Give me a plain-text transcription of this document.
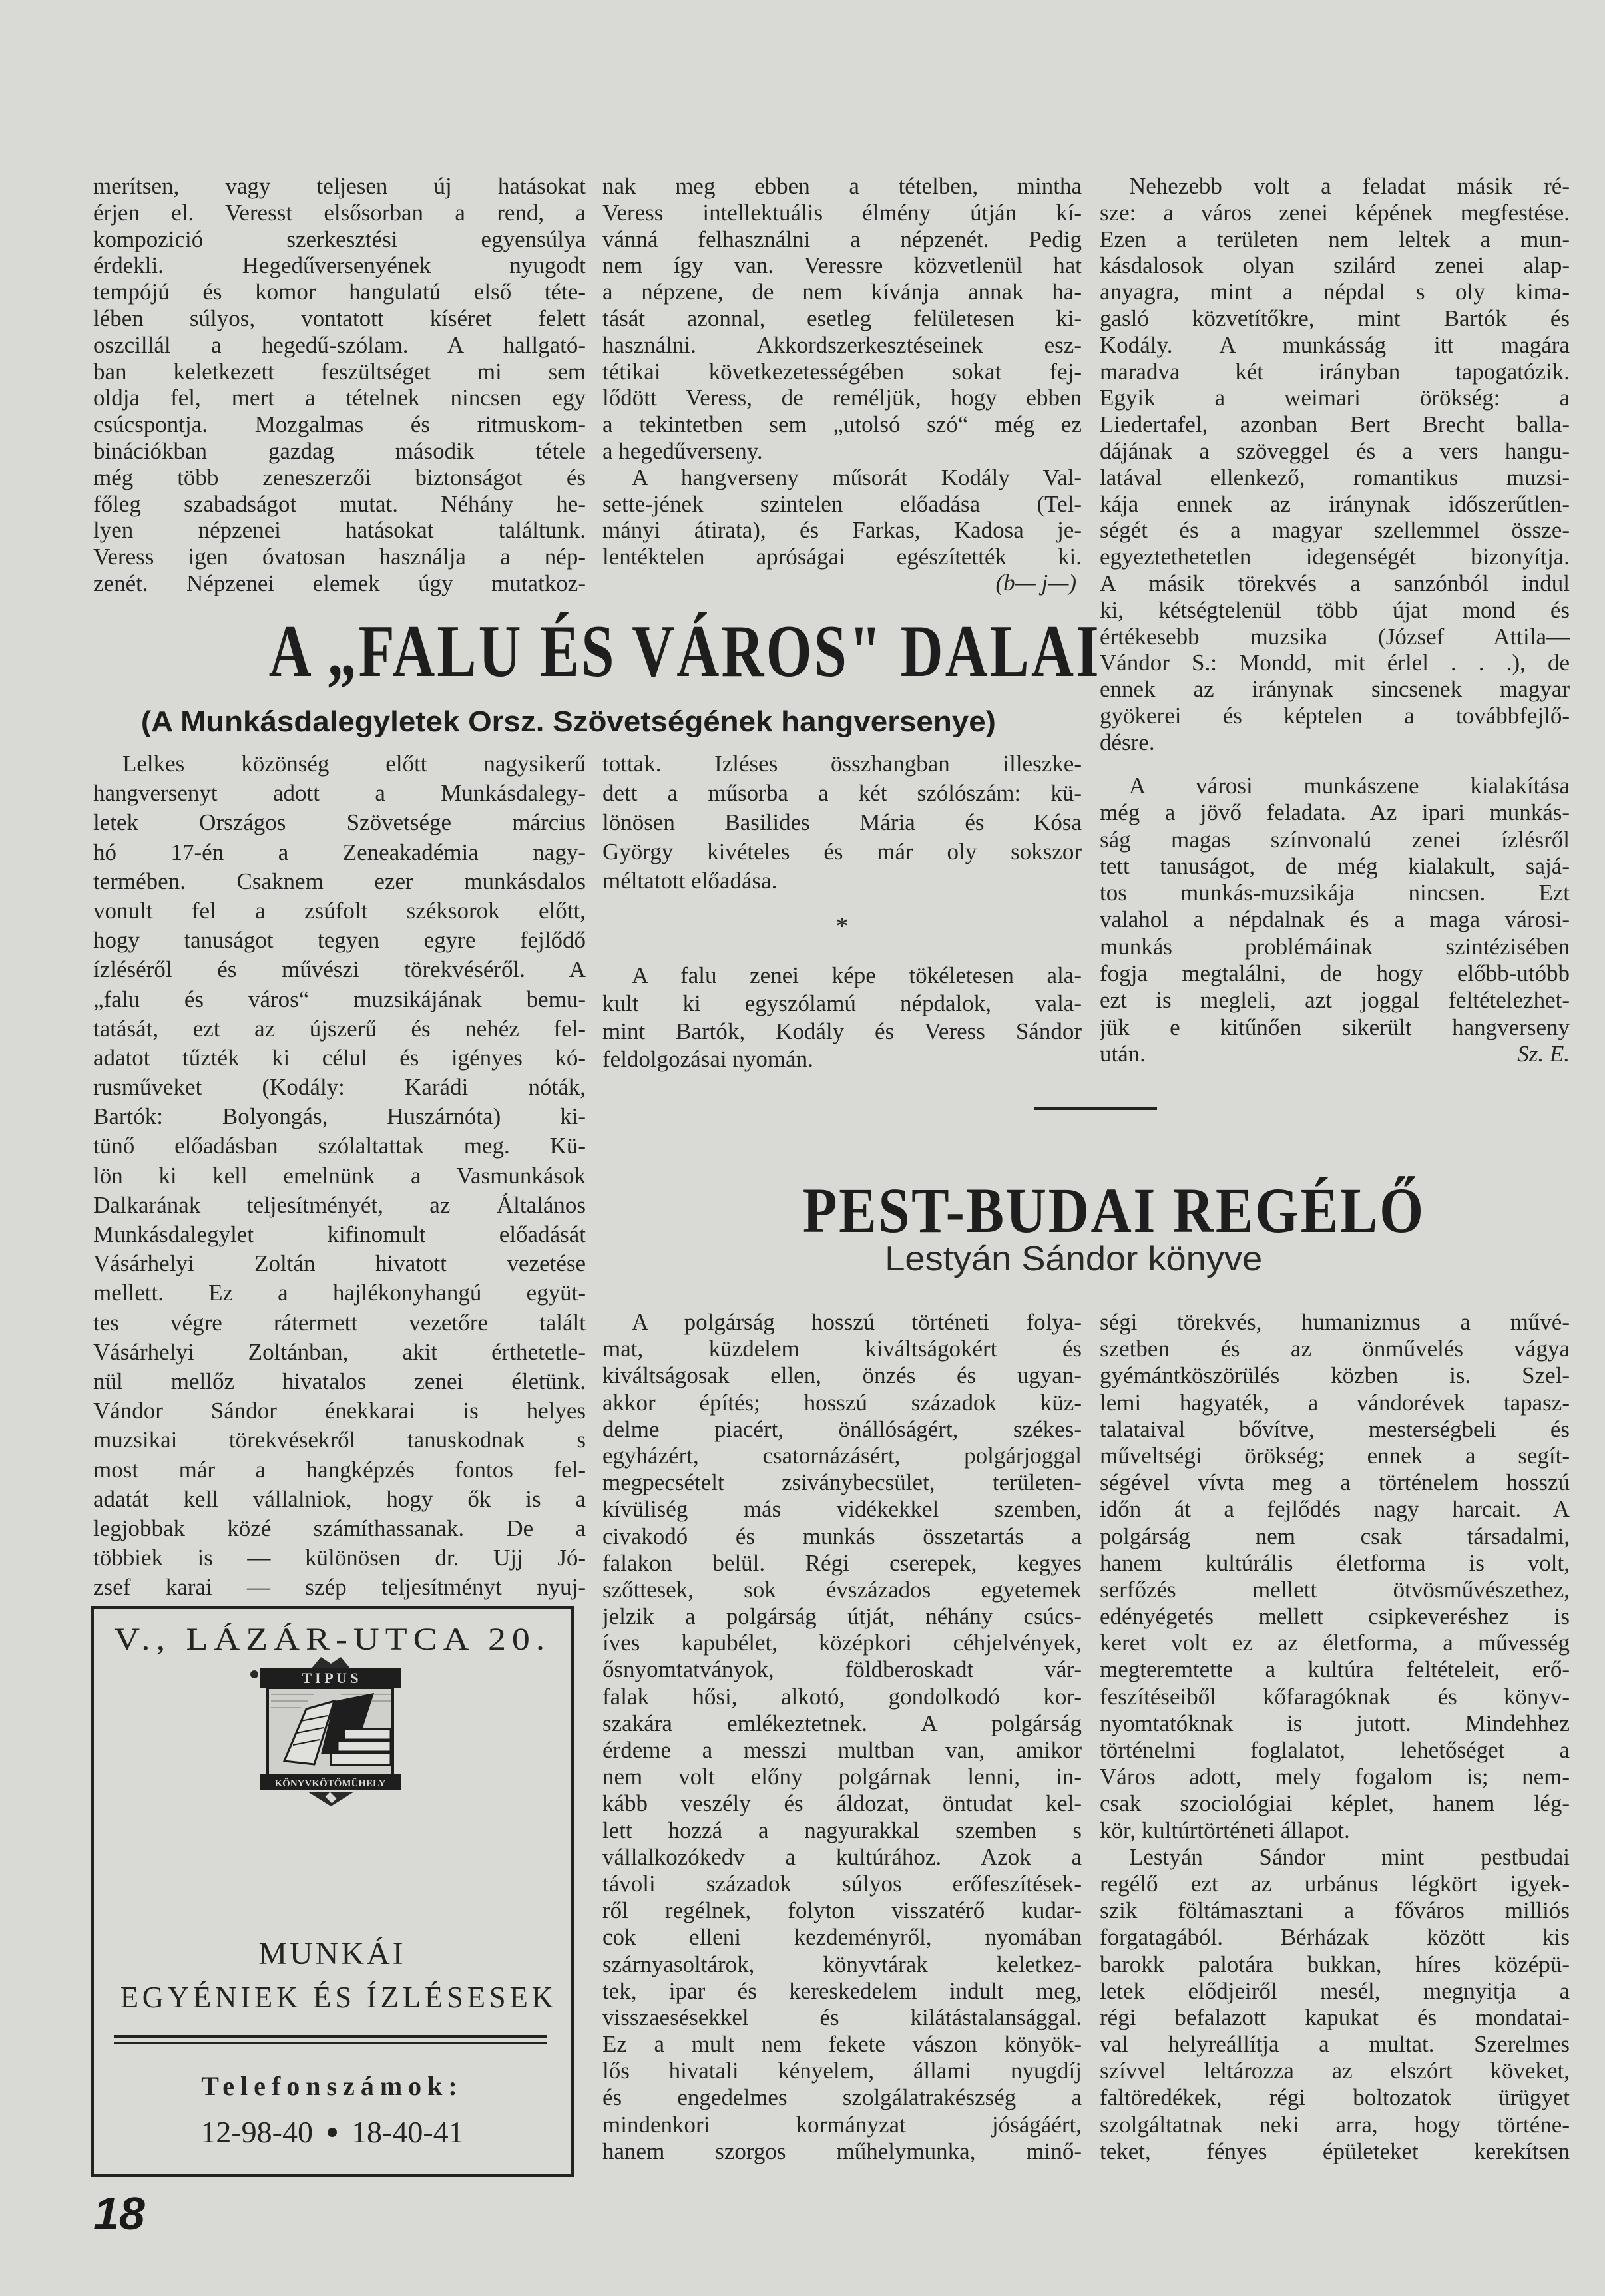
merítsen, vagy teljesen új hatásokat
érjen el. Veresst elsősorban a rend, a
kompozició szerkesztési egyensúlya
érdekli. Hegedűversenyének nyugodt
tempójú és komor hangulatú első téte-
lében súlyos, vontatott kíséret felett
oszcillál a hegedű-szólam. A hallgató-
ban keletkezett feszültséget mi sem
oldja fel, mert a tételnek nincsen egy
csúcspontja. Mozgalmas és ritmuskom-
binációkban gazdag második tétele
még több zeneszerzői biztonságot és
főleg szabadságot mutat. Néhány he-
lyen népzenei hatásokat találtunk.
Veress igen óvatosan használja a nép-
zenét. Népzenei elemek úgy mutatkoz-
nak meg ebben a tételben, mintha
Veress intellektuális élmény útján kí-
vánná felhasználni a népzenét. Pedig
nem így van. Veressre közvetlenül hat
a népzene, de nem kívánja annak ha-
tását azonnal, esetleg felületesen ki-
használni. Akkordszerkesztéseinek esz-
tétikai következetességében sokat fej-
lődött Veress, de reméljük, hogy ebben
a tekintetben sem „utolsó szó“ még ez
a hegedűverseny.
A hangverseny műsorát Kodály Val-
sette-jének szintelen előadása (Tel-
mányi átirata), és Farkas, Kadosa je-
lentéktelen apróságai egészítették ki.
(b— j—)
Nehezebb volt a feladat másik ré-
sze: a város zenei képének megfestése.
Ezen a területen nem leltek a mun-
kásdalosok olyan szilárd zenei alap-
anyagra, mint a népdal s oly kima-
gasló közvetítőkre, mint Bartók és
Kodály. A munkásság itt magára
maradva két irányban tapogatózik.
Egyik a weimari örökség: a
Liedertafel, azonban Bert Brecht balla-
dájának a szöveggel és a vers hangu-
latával ellenkező, romantikus muzsi-
kája ennek az iránynak időszerűtlen-
ségét és a magyar szellemmel össze-
egyeztethetetlen idegenségét bizonyítja.
A másik törekvés a sanzónból indul
ki, kétségtelenül több újat mond és
értékesebb muzsika (József Attila—
Vándor S.: Mondd, mit érlel . . .), de
ennek az iránynak sincsenek magyar
gyökerei és képtelen a továbbfejlő-
désre.
A városi munkászene kialakítása
még a jövő feladata. Az ipari munkás-
ság magas színvonalú zenei ízlésről
tett tanuságot, de még kialakult, sajá-
tos munkás-muzsikája nincsen. Ezt
valahol a népdalnak és a maga városi-
munkás problémáinak szintézisében
fogja megtalálni, de hogy előbb-utóbb
ezt is megleli, azt joggal feltételezhet-
jük e kitűnően sikerült hangverseny
után.	Sz. E.
A „FALU ÉS VÁROS" DALAI
(A Munkásdalegyletek Orsz. Szövetségének hangversenye)
Lelkes közönség előtt nagysikerű
hangversenyt adott a Munkásdalegy-
letek Országos Szövetsége március
hó 17-én a Zeneakadémia nagy-
termében. Csaknem ezer munkásdalos
vonult fel a zsúfolt széksorok előtt,
hogy tanuságot tegyen egyre fejlődő
ízléséről és művészi törekvéséről. A
„falu és város“ muzsikájának bemu-
tatását, ezt az újszerű és nehéz fel-
adatot tűzték ki célul és igényes kó-
rusműveket (Kodály: Karádi nóták,
Bartók: Bolyongás, Huszárnóta) ki-
tünő előadásban szólaltattak meg. Kü-
lön ki kell emelnünk a Vasmunkások
Dalkarának teljesítményét, az Általános
Munkásdalegylet kifinomult előadását
Vásárhelyi Zoltán hivatott vezetése
mellett. Ez a hajlékonyhangú együt-
tes végre rátermett vezetőre talált
Vásárhelyi Zoltánban, akit érthetetle-
nül mellőz hivatalos zenei életünk.
Vándor Sándor énekkarai is helyes
muzsikai törekvésekről tanuskodnak s
most már a hangképzés fontos fel-
adatát kell vállalniok, hogy ők is a
legjobbak közé számíthassanak. De a
többiek is — különösen dr. Ujj Jó-
zsef karai — szép teljesítményt nyuj-
tottak. Izléses összhangban illeszke-
dett a műsorba a két szólószám: kü-
lönösen Basilides Mária és Kósa
György kivételes és már oly sokszor
méltatott előadása.
*
A falu zenei képe tökéletesen ala-
kult ki egyszólamú népdalok, vala-
mint Bartók, Kodály és Veress Sándor
feldolgozásai nyomán.
PEST-BUDAI REGÉLŐ
Lestyán Sándor könyve
A polgárság hosszú történeti folya-
mat, küzdelem kiváltságokért és
kiváltságosak ellen, önzés és ugyan-
akkor építés; hosszú századok küz-
delme piacért, önállóságért, székes-
egyházért, csatornázásért, polgárjoggal
megpecsételt zsiványbecsület, területen-
kívüliség más vidékekkel szemben,
civakodó és munkás összetartás a
falakon belül. Régi cserepek, kegyes
szőttesek, sok évszázados egyetemek
jelzik a polgárság útját, néhány csúcs-
íves kapubélet, középkori céhjelvények,
ősnyomtatványok, földberoskadt vár-
falak hősi, alkotó, gondolkodó kor-
szakára emlékeztetnek. A polgárság
érdeme a messzi multban van, amikor
nem volt előny polgárnak lenni, in-
kább veszély és áldozat, öntudat kel-
lett hozzá a nagyurakkal szemben s
vállalkozókedv a kultúrához. Azok a
távoli századok súlyos erőfeszítések-
ről regélnek, folyton visszatérő kudar-
cok elleni kezdeményről, nyomában
szárnyasoltárok, könyvtárak keletkez-
tek, ipar és kereskedelem indult meg,
visszaesésekkel és kilátástalansággal.
Ez a mult nem fekete vászon könyök-
lős hivatali kényelem, állami nyugdíj
és engedelmes szolgálatrakészség a
mindenkori kormányzat jóságáért,
hanem szorgos műhelymunka, minő-
ségi törekvés, humanizmus a művé-
szetben és az önművelés vágya
gyémántköszörülés közben is. Szel-
lemi hagyaték, a vándorévek tapasz-
talataival bővítve, mesterségbeli és
műveltségi örökség; ennek a segít-
ségével vívta meg a történelem hosszú
időn át a fejlődés nagy harcait. A
polgárság nem csak társadalmi,
hanem kultúrális életforma is volt,
serfőzés mellett ötvösművészethez,
edényégetés mellett csipkeveréshez is
keret volt ez az életforma, a művesség
megteremtette a kultúra feltételeit, erő-
feszítéseiből kőfaragóknak és könyv-
nyomtatóknak is jutott. Mindehhez
történelmi foglalatot, lehetőséget a
Város adott, mely fogalom is; nem-
csak szociológiai képlet, hanem lég-
kör, kultúrtörténeti állapot.
Lestyán Sándor mint pestbudai
regélő ezt az urbánus légkört igyek-
szik föltámasztani a főváros milliós
forgatagából. Bérházak között kis
barokk palotára bukkan, híres középü-
letek elődjeiről mesél, megnyitja a
régi befalazott kapukat és mondatai-
val helyreállítja a multat. Szerelmes
szívvel leltározza az elszórt köveket,
faltöredékek, régi boltozatok ürügyet
szolgáltatnak neki arra, hogy történe-
teket, fényes épületeket kerekítsen
V., LÁZÁR-UTCA 20.
T I P U S
KÖNYVKÖTŐMŰHELY
MUNKÁI
EGYÉNIEK ÉS ÍZLÉSESEK
Telefonszámok:
12-98-40 18-40-41
18
